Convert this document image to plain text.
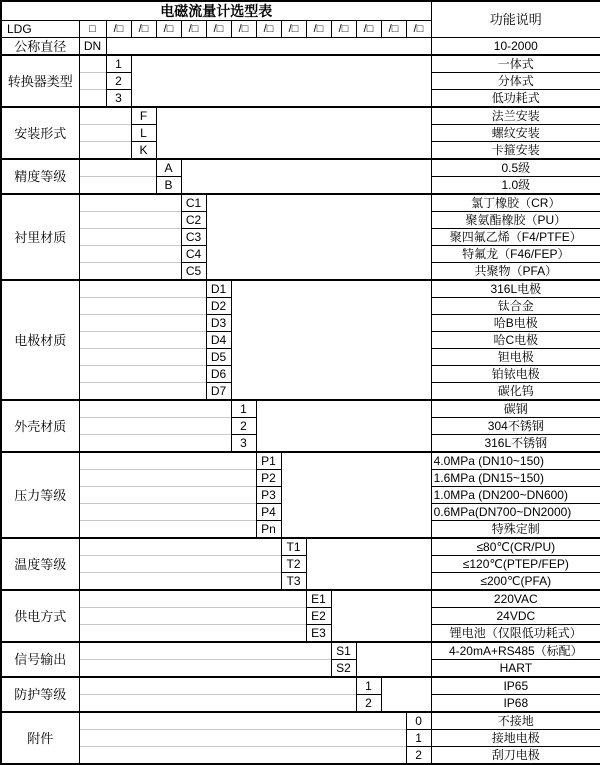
电磁流量计选型表															功能说明
LDG	□	/□	/□	/□	/□	/□	/□	/□	/□	/□	/□	/□	/□	/□	
公称直径	DN														10-2000
转换器类型		1													一体式
		2													分体式
		3													低功耗式
安装形式			F												法兰安装
			L												螺纹安装
			K												卡箍安装
精度等级				A											0.5级
				B											1.0级
衬里材质					C1										氯丁橡胶（CR）
					C2										聚氨酯橡胶（PU）
					C3										聚四氟乙烯（F4/PTFE）
					C4										特氟龙（F46/FEP）
					C5										共聚物（PFA）
电极材质						D1									316L电极
						D2									钛合金
						D3									哈B电极
						D4									哈C电极
						D5									钽电极
						D6									铂铱电极
						D7									碳化钨
外壳材质							1								碳钢
							2								304不锈钢
							3								316L不锈钢
压力等级								P1							4.0MPa (DN10~150)
								P2							1.6MPa (DN15~150)
								P3							1.0MPa (DN200~DN600)
								P4							0.6MPa(DN700~DN2000)
								Pn							特殊定制
温度等级									T1						≤80℃(CR/PU)
									T2						≤120℃(PTEP/FEP)
									T3						≤200℃(PFA)
供电方式										E1					220VAC
										E2					24VDC
										E3					锂电池（仅限低功耗式）
信号输出											S1				4-20mA+RS485（标配）
											S2				HART
防护等级												1			IP65
												2			IP68
附件														0	不接地
														1	接地电极
														2	刮刀电极
